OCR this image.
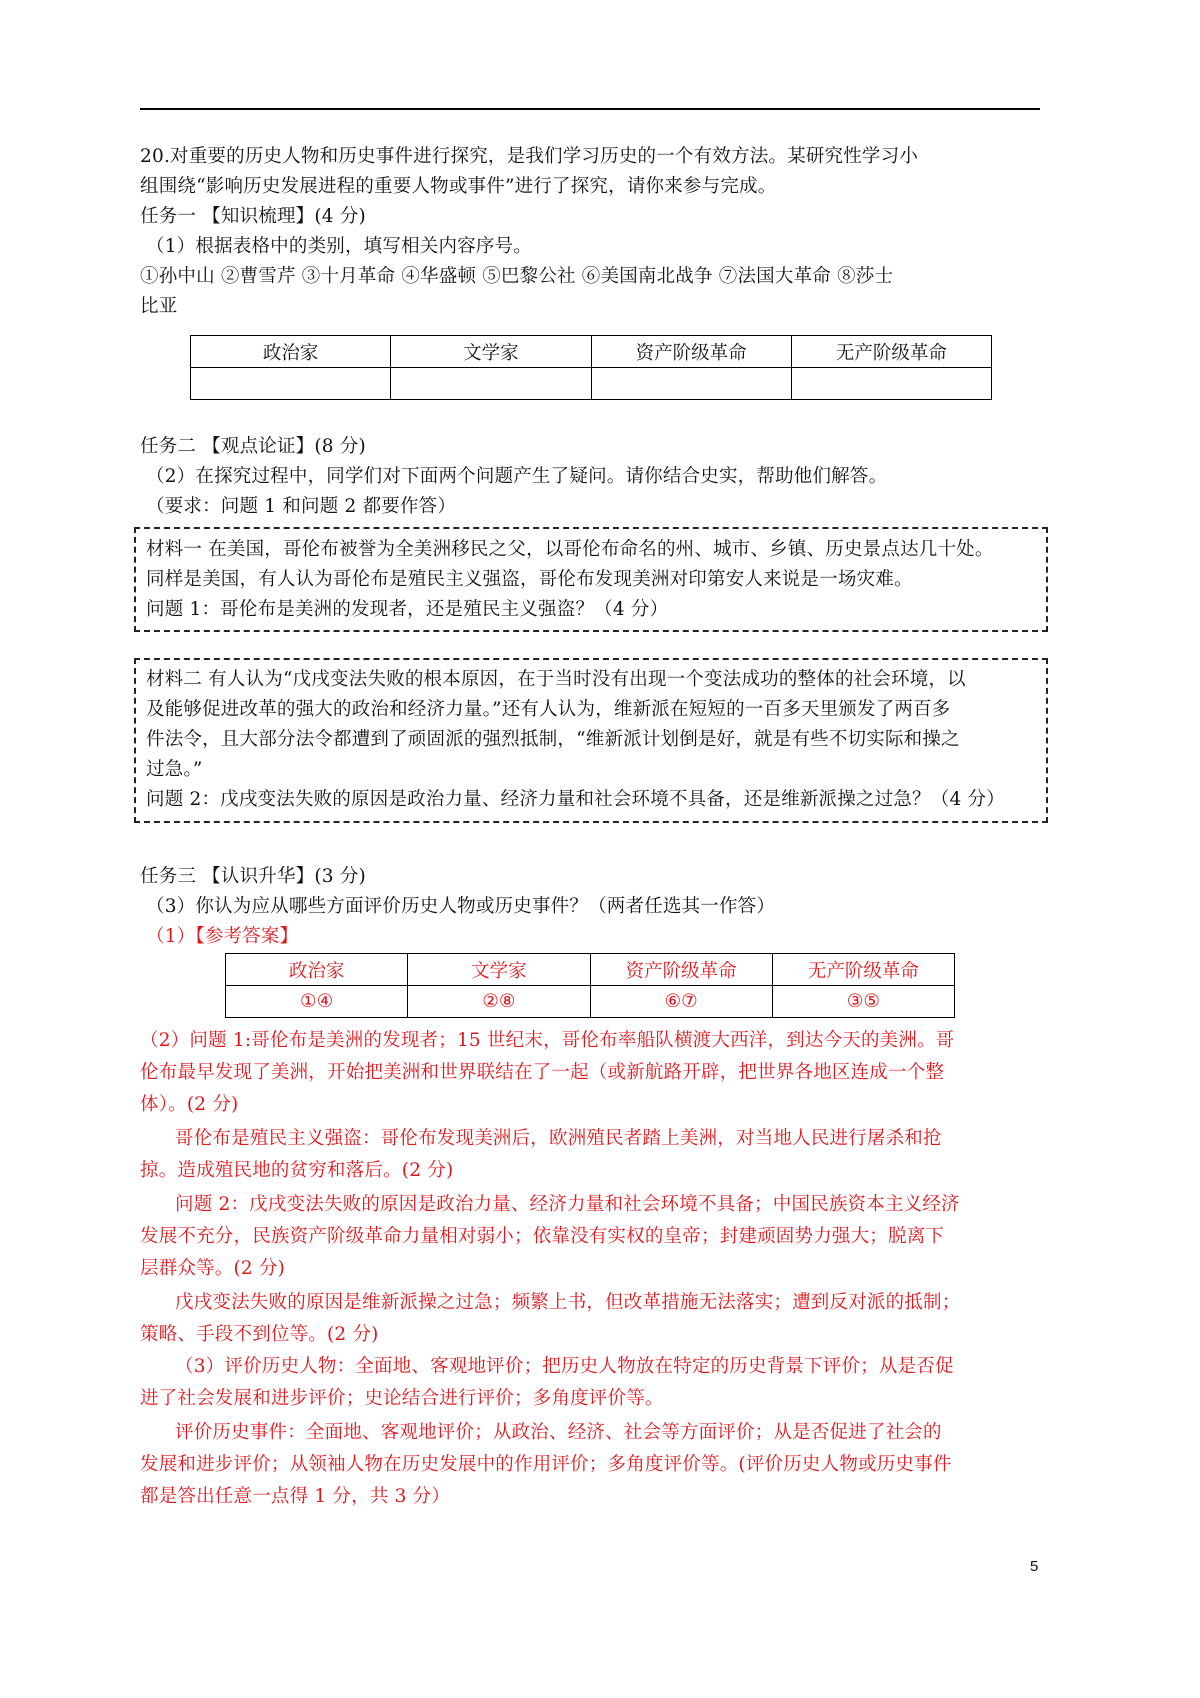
20.对重要的历史人物和历史事件进行探究，是我们学习历史的一个有效方法。某研究性学习小
组围绕“影响历史发展进程的重要人物或事件”进行了探究，请你来参与完成。
任务一 【知识梳理】(4 分)
（1）根据表格中的类别，填写相关内容序号。
①孙中山 ②曹雪芹 ③十月革命 ④华盛顿 ⑤巴黎公社 ⑥美国南北战争 ⑦法国大革命 ⑧莎士
比亚
政治家	文学家	资产阶级革命	无产阶级革命

任务二 【观点论证】(8 分)
（2）在探究过程中，同学们对下面两个问题产生了疑问。请你结合史实，帮助他们解答。
（要求：问题 1 和问题 2 都要作答）
材料一 在美国，哥伦布被誉为全美洲移民之父，以哥伦布命名的州、城市、乡镇、历史景点达几十处。
同样是美国，有人认为哥伦布是殖民主义强盗，哥伦布发现美洲对印第安人来说是一场灾难。
问题 1：哥伦布是美洲的发现者，还是殖民主义强盗？（4 分）
材料二 有人认为“戊戌变法失败的根本原因，在于当时没有出现一个变法成功的整体的社会环境，以
及能够促进改革的强大的政治和经济力量。”还有人认为，维新派在短短的一百多天里颁发了两百多
件法令，且大部分法令都遭到了顽固派的强烈抵制，“维新派计划倒是好，就是有些不切实际和操之
过急。”
问题 2：戊戌变法失败的原因是政治力量、经济力量和社会环境不具备，还是维新派操之过急？（4 分）
任务三 【认识升华】(3 分)
（3）你认为应从哪些方面评价历史人物或历史事件？（两者任选其一作答）
（1）【参考答案】
政治家	文学家	资产阶级革命	无产阶级革命
①④	②⑧	⑥⑦	③⑤
（2）问题 1:哥伦布是美洲的发现者；15 世纪末，哥伦布率船队横渡大西洋，到达今天的美洲。哥
伦布最早发现了美洲，开始把美洲和世界联结在了一起（或新航路开辟，把世界各地区连成一个整
体）。(2 分)
哥伦布是殖民主义强盗：哥伦布发现美洲后，欧洲殖民者踏上美洲，对当地人民进行屠杀和抢
掠。造成殖民地的贫穷和落后。(2 分)
问题 2：戊戌变法失败的原因是政治力量、经济力量和社会环境不具备；中国民族资本主义经济
发展不充分，民族资产阶级革命力量相对弱小；依靠没有实权的皇帝；封建顽固势力强大；脱离下
层群众等。(2 分)
戊戌变法失败的原因是维新派操之过急；频繁上书，但改革措施无法落实；遭到反对派的抵制；
策略、手段不到位等。(2 分)
（3）评价历史人物：全面地、客观地评价；把历史人物放在特定的历史背景下评价；从是否促
进了社会发展和进步评价；史论结合进行评价；多角度评价等。
评价历史事件：全面地、客观地评价；从政治、经济、社会等方面评价；从是否促进了社会的
发展和进步评价；从领袖人物在历史发展中的作用评价；多角度评价等。(评价历史人物或历史事件
都是答出任意一点得 1 分，共 3 分）
5
